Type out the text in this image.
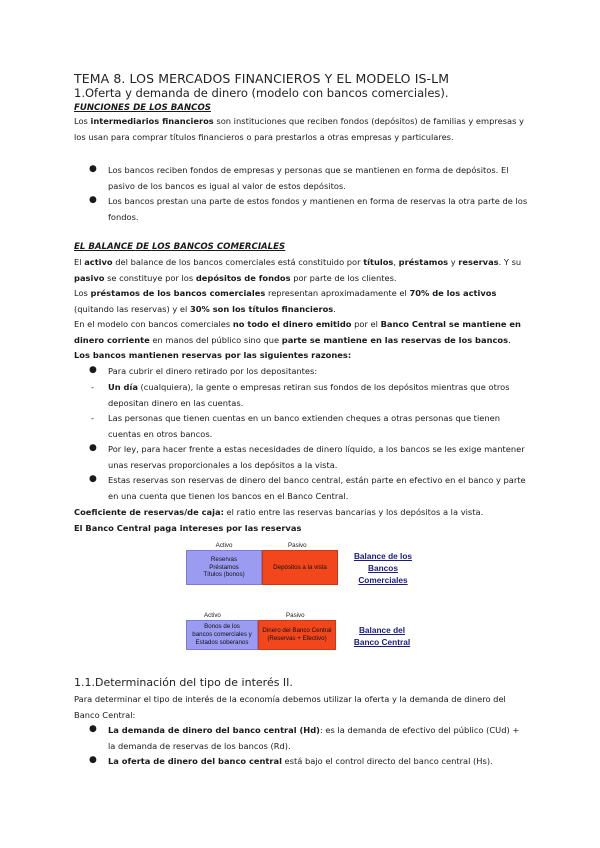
TEMA 8. LOS MERCADOS FINANCIEROS Y EL MODELO IS-LM
1.Oferta y demanda de dinero (modelo con bancos comerciales).
FUNCIONES DE LOS BANCOS
Los intermediarios financieros son instituciones que reciben fondos (depósitos) de familias y empresas y los usan para comprar títulos financieros o para prestarlos a otras empresas y particulares.
● Los bancos reciben fondos de empresas y personas que se mantienen en forma de depósitos. El pasivo de los bancos es igual al valor de estos depósitos.
● Los bancos prestan una parte de estos fondos y mantienen en forma de reservas la otra parte de los fondos.
EL BALANCE DE LOS BANCOS COMERCIALES
El activo del balance de los bancos comerciales está constituido por títulos, préstamos y reservas. Y su pasivo se constituye por los depósitos de fondos por parte de los clientes.
Los préstamos de los bancos comerciales representan aproximadamente el 70% de los activos (quitando las reservas) y el 30% son los títulos financieros.
En el modelo con bancos comerciales no todo el dinero emitido por el Banco Central se mantiene en dinero corriente en manos del público sino que parte se mantiene en las reservas de los bancos.
Los bancos mantienen reservas por las siguientes razones:
● Para cubrir el dinero retirado por los depositantes:
- Un día (cualquiera), la gente o empresas retiran sus fondos de los depósitos mientras que otros depositan dinero en las cuentas.
- Las personas que tienen cuentas en un banco extienden cheques a otras personas que tienen cuentas en otros bancos.
● Por ley, para hacer frente a estas necesidades de dinero líquido, a los bancos se les exige mantener unas reservas proporcionales a los depósitos a la vista.
● Estas reservas son reservas de dinero del banco central, están parte en efectivo en el banco y parte en una cuenta que tienen los bancos en el Banco Central.
Coeficiente de reservas/de caja: el ratio entre las reservas bancarias y los depósitos a la vista.
El Banco Central paga intereses por las reservas
Activo	Pasivo
Reservas
Préstamos
Títulos (bonos)
Depósitos a la vista
Balance de los Bancos Comerciales
Activo	Pasivo
Bonos de los
bancos comerciales y
Estados soberanos
Dinero del Banco Central
(Reservas + Efectivo)
Balance del Banco Central
1.1.Determinación del tipo de interés II.
Para determinar el tipo de interés de la economía debemos utilizar la oferta y la demanda de dinero del Banco Central:
● La demanda de dinero del banco central (Hd): es la demanda de efectivo del público (CUd) + la demanda de reservas de los bancos (Rd).
● La oferta de dinero del banco central está bajo el control directo del banco central (Hs).
